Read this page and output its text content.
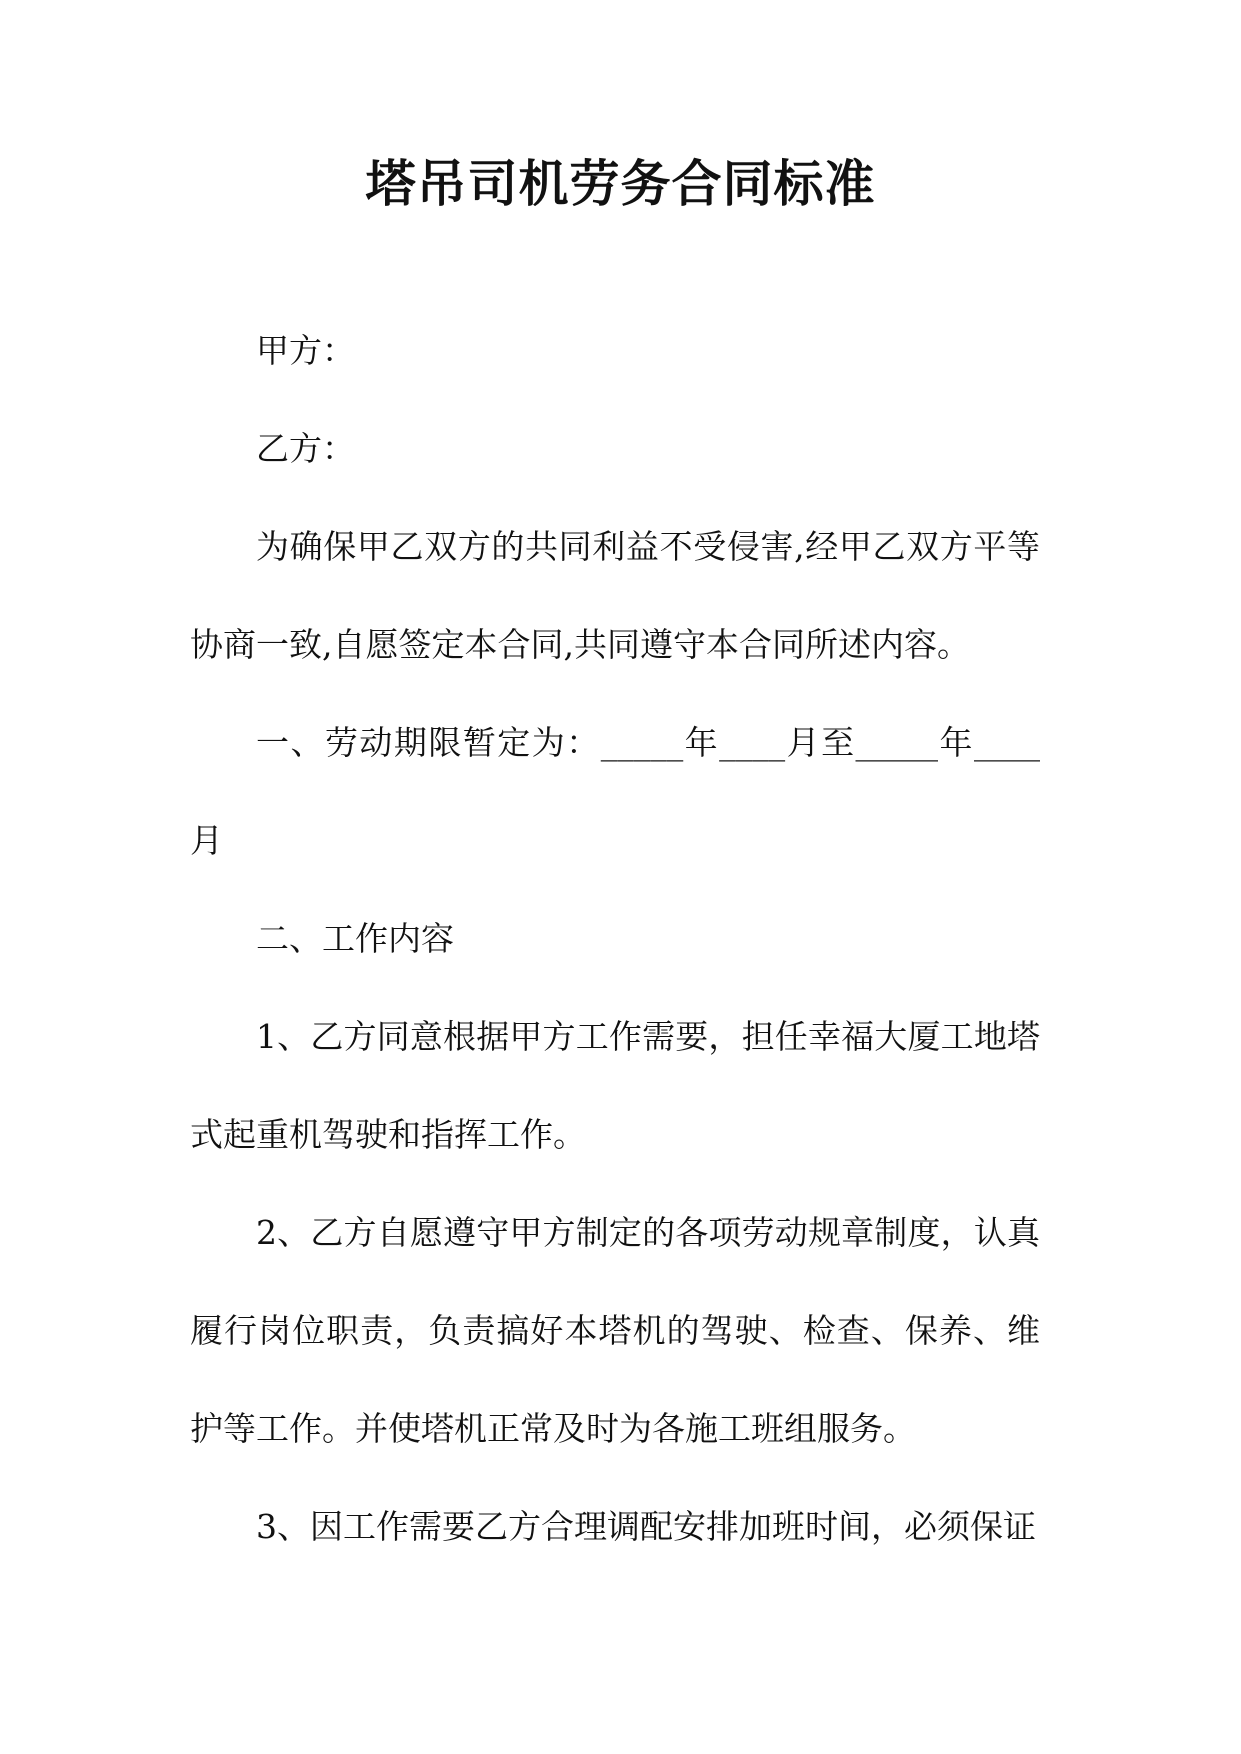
塔吊司机劳务合同标准

甲方：

乙方：

为确保甲乙双方的共同利益不受侵害,经甲乙双方平等协商一致,自愿签定本合同,共同遵守本合同所述内容。

一、劳动期限暂定为：_____年____月至_____年____月

二、工作内容

1、乙方同意根据甲方工作需要，担任幸福大厦工地塔式起重机驾驶和指挥工作。

2、乙方自愿遵守甲方制定的各项劳动规章制度，认真履行岗位职责，负责搞好本塔机的驾驶、检查、保养、维护等工作。并使塔机正常及时为各施工班组服务。

3、因工作需要乙方合理调配安排加班时间，必须保证
